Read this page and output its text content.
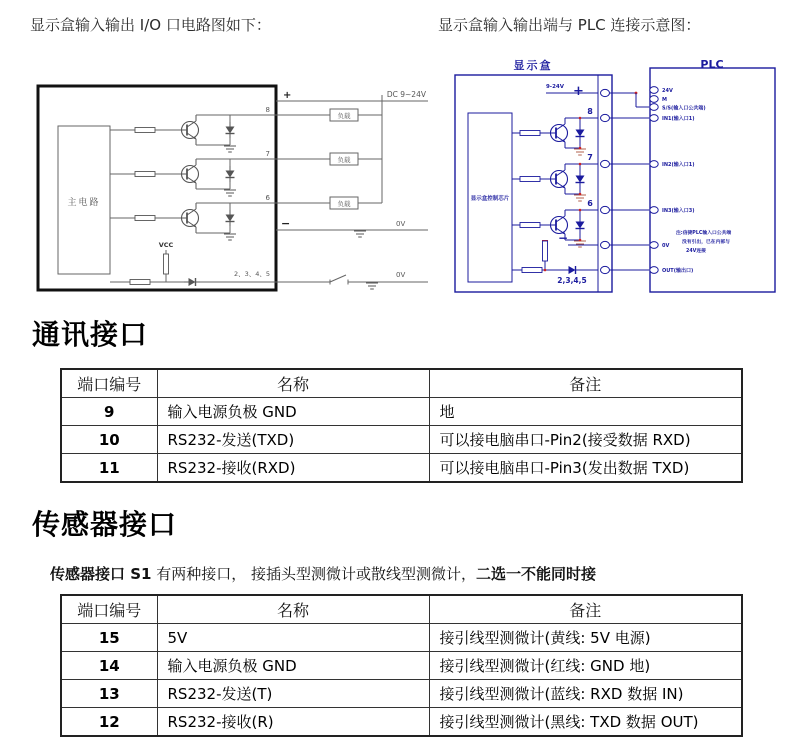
显示盒输入输出 I/O 口电路图如下：	显示盒输入输出端与 PLC 连接示意图：
主电路
+	DC 9~24V
负载
负载
负载
8
7
6
−	0V
0V
VCC
2、3、4、5
显示盒	PLC
显示盒控制芯片
9-24V +
8
7
6
−
2,3,4,5
24V
M
S/S(输入口公共端)
IN1(输入口1)
IN2(输入口1)
IN3(输入口3)
0V
OUT(输出口)
注:信捷PLC输入口公共端
没有引出，已在内部与
24V连接
通讯接口
端口编号	名称	备注
9	输入电源负极 GND	地
10	RS232-发送(TXD)	可以接电脑串口-Pin2(接受数据 RXD)
11	RS232-接收(RXD)	可以接电脑串口-Pin3(发出数据 TXD)
传感器接口
传感器接口 S1 有两种接口， 接插头型测微计或散线型测微计，二选一不能同时接
端口编号	名称	备注
15	5V	接引线型测微计(黄线: 5V 电源)
14	输入电源负极 GND	接引线型测微计(红线: GND 地)
13	RS232-发送(T)	接引线型测微计(蓝线: RXD 数据 IN)
12	RS232-接收(R)	接引线型测微计(黑线: TXD 数据 OUT)
